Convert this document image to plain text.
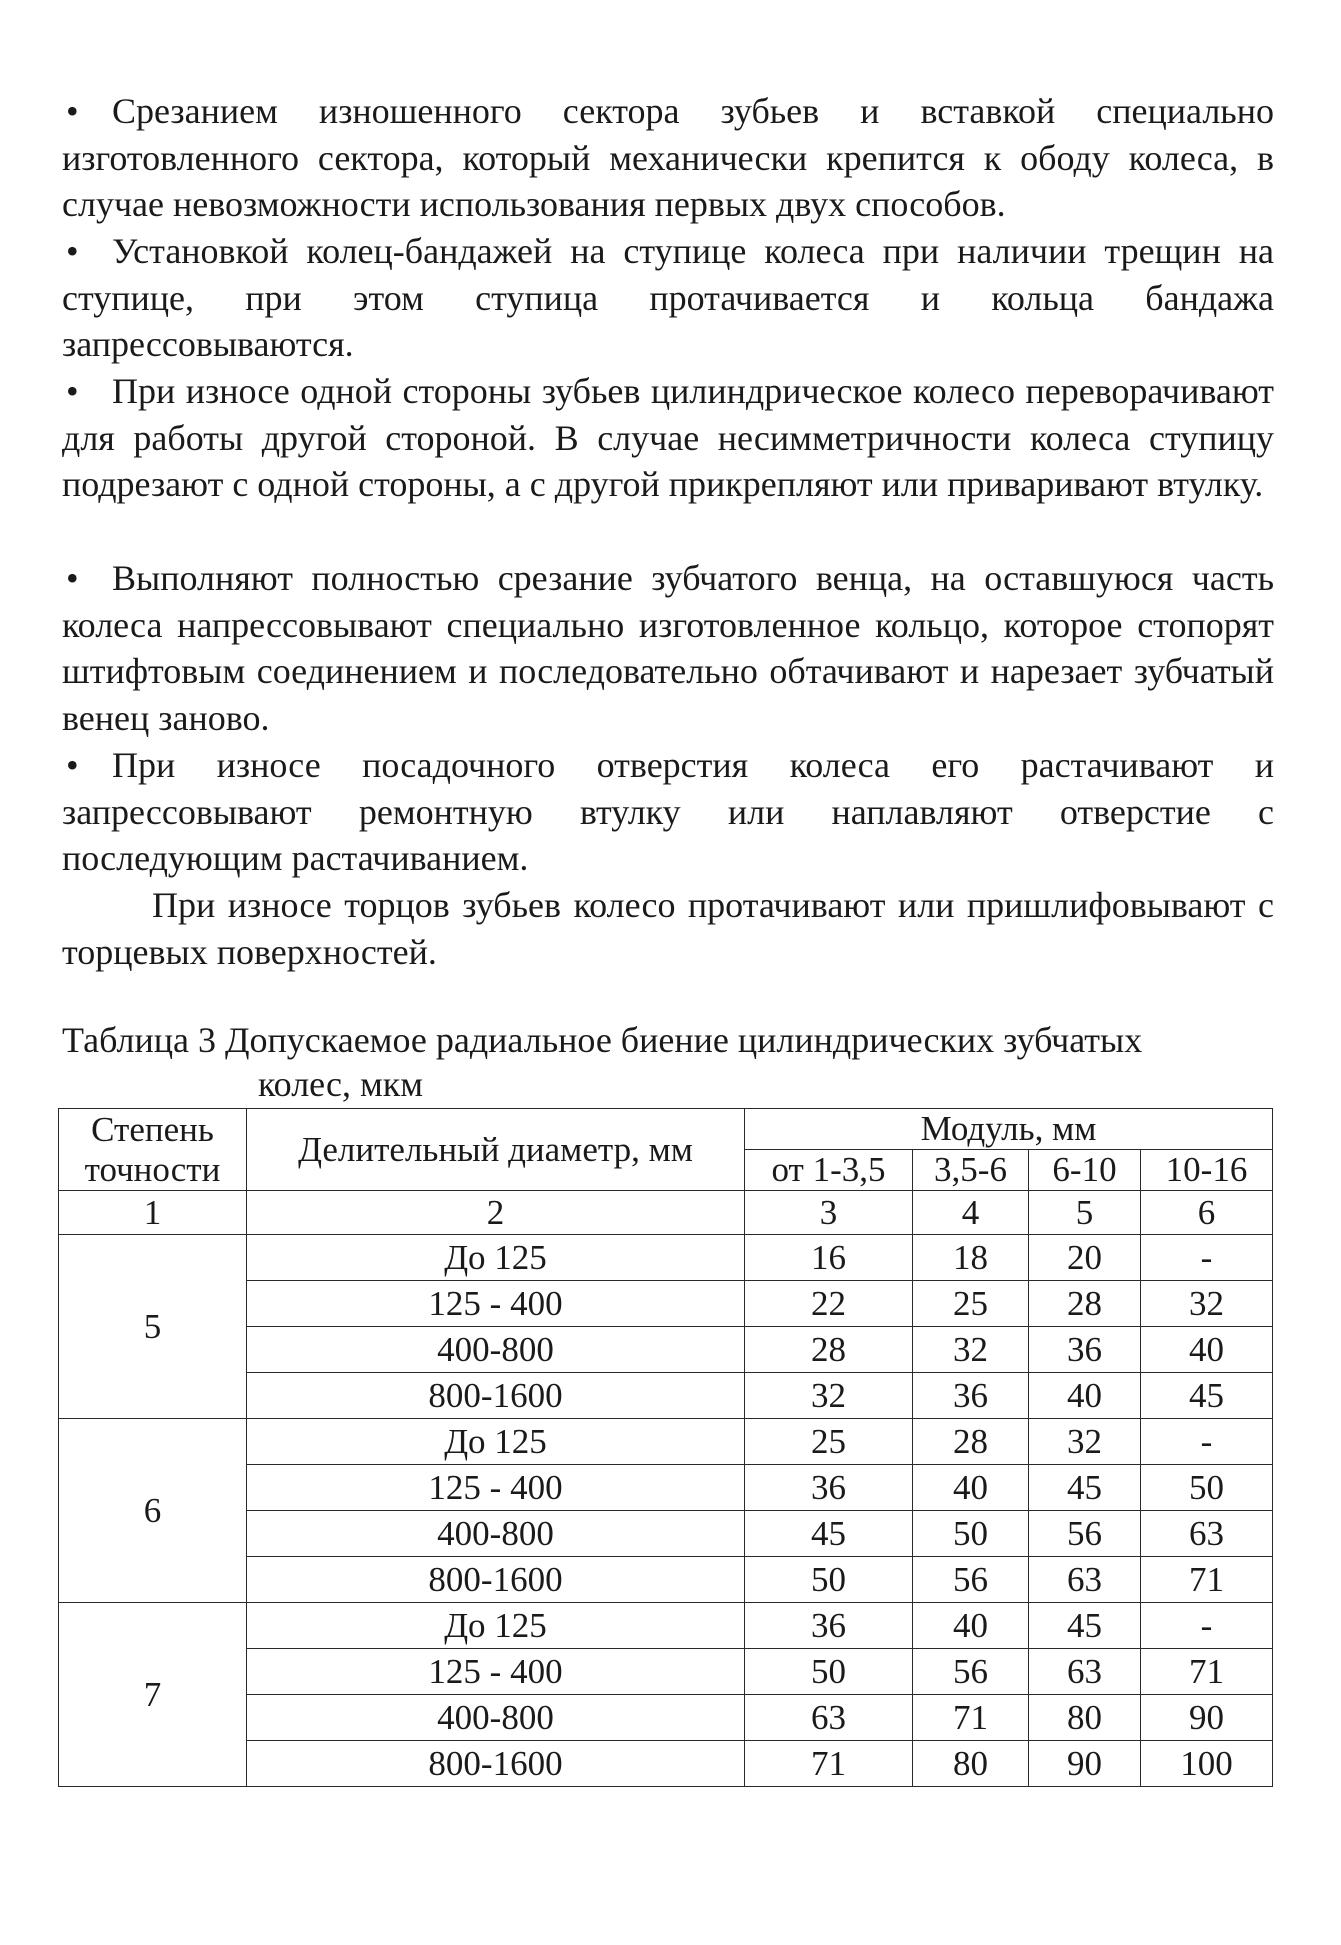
• Срезанием изношенного сектора зубьев и вставкой специально изготовленного сектора, который механически крепится к ободу колеса, в случае невозможности использования первых двух способов.
• Установкой колец-бандажей на ступице колеса при наличии трещин на ступице, при этом ступица протачивается и кольца бандажа запрессовываются.
• При износе одной стороны зубьев цилиндрическое колесо переворачивают для работы другой стороной. В случае несимметричности колеса ступицу подрезают с одной стороны, а с другой прикрепляют или приваривают втулку.
• Выполняют полностью срезание зубчатого венца, на оставшуюся часть колеса напрессовывают специально изготовленное кольцо, которое стопорят штифтовым соединением и последовательно обтачивают и нарезает зубчатый венец заново.
• При износе посадочного отверстия колеса его растачивают и запрессовывают ремонтную втулку или наплавляют отверстие с последующим растачиванием.
При износе торцов зубьев колесо протачивают или пришлифовывают с торцевых поверхностей.
Таблица 3 Допускаемое радиальное биение цилиндрических зубчатых
колес, мкм
Степень
точности	Делительный диаметр, мм	Модуль, мм			
		от 1-3,5	3,5-6	6-10	10-16
1	2	3	4	5	6
5	До 125	16	18	20	-
	125 - 400	22	25	28	32
	400-800	28	32	36	40
	800-1600	32	36	40	45
6	До 125	25	28	32	-
	125 - 400	36	40	45	50
	400-800	45	50	56	63
	800-1600	50	56	63	71
7	До 125	36	40	45	-
	125 - 400	50	56	63	71
	400-800	63	71	80	90
	800-1600	71	80	90	100
